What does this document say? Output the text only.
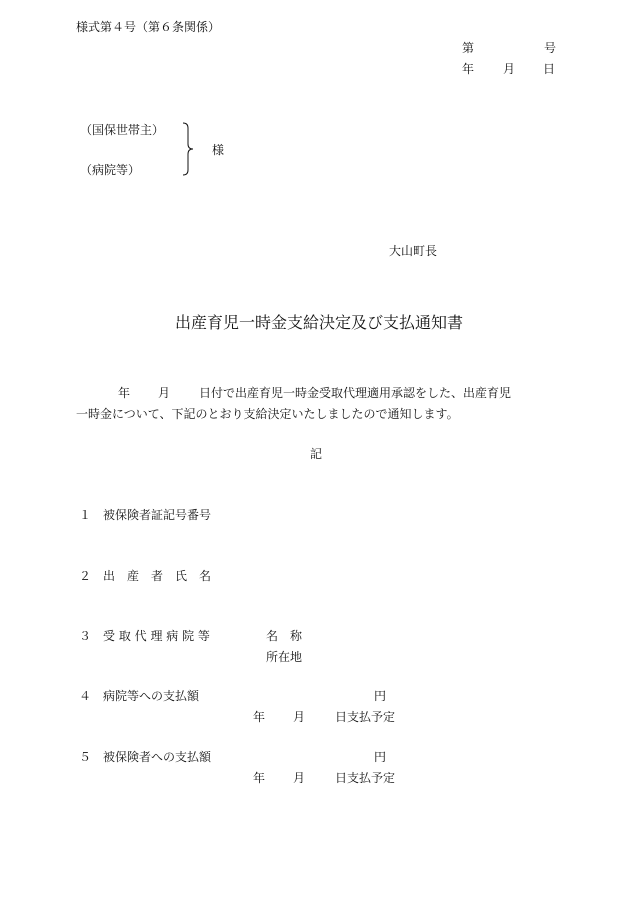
様式第４号（第６条関係）
第	号
年 月 日
（国保世帯主）
（病院等）
様
大山町長
出産育児一時金支給決定及び支払通知書
年 月 日付で出産育児一時金受取代理適用承認をした、出産育児
一時金について、下記のとおり支給決定いたしましたので通知します。
記
１ 被保険者証記号番号
２ 出　産　者　氏　名
３ 受 取 代 理 病 院 等	名　称
所在地
４ 病院等への支払額	円
年 月 日支払予定
５ 被保険者への支払額	円
年 月 日支払予定
